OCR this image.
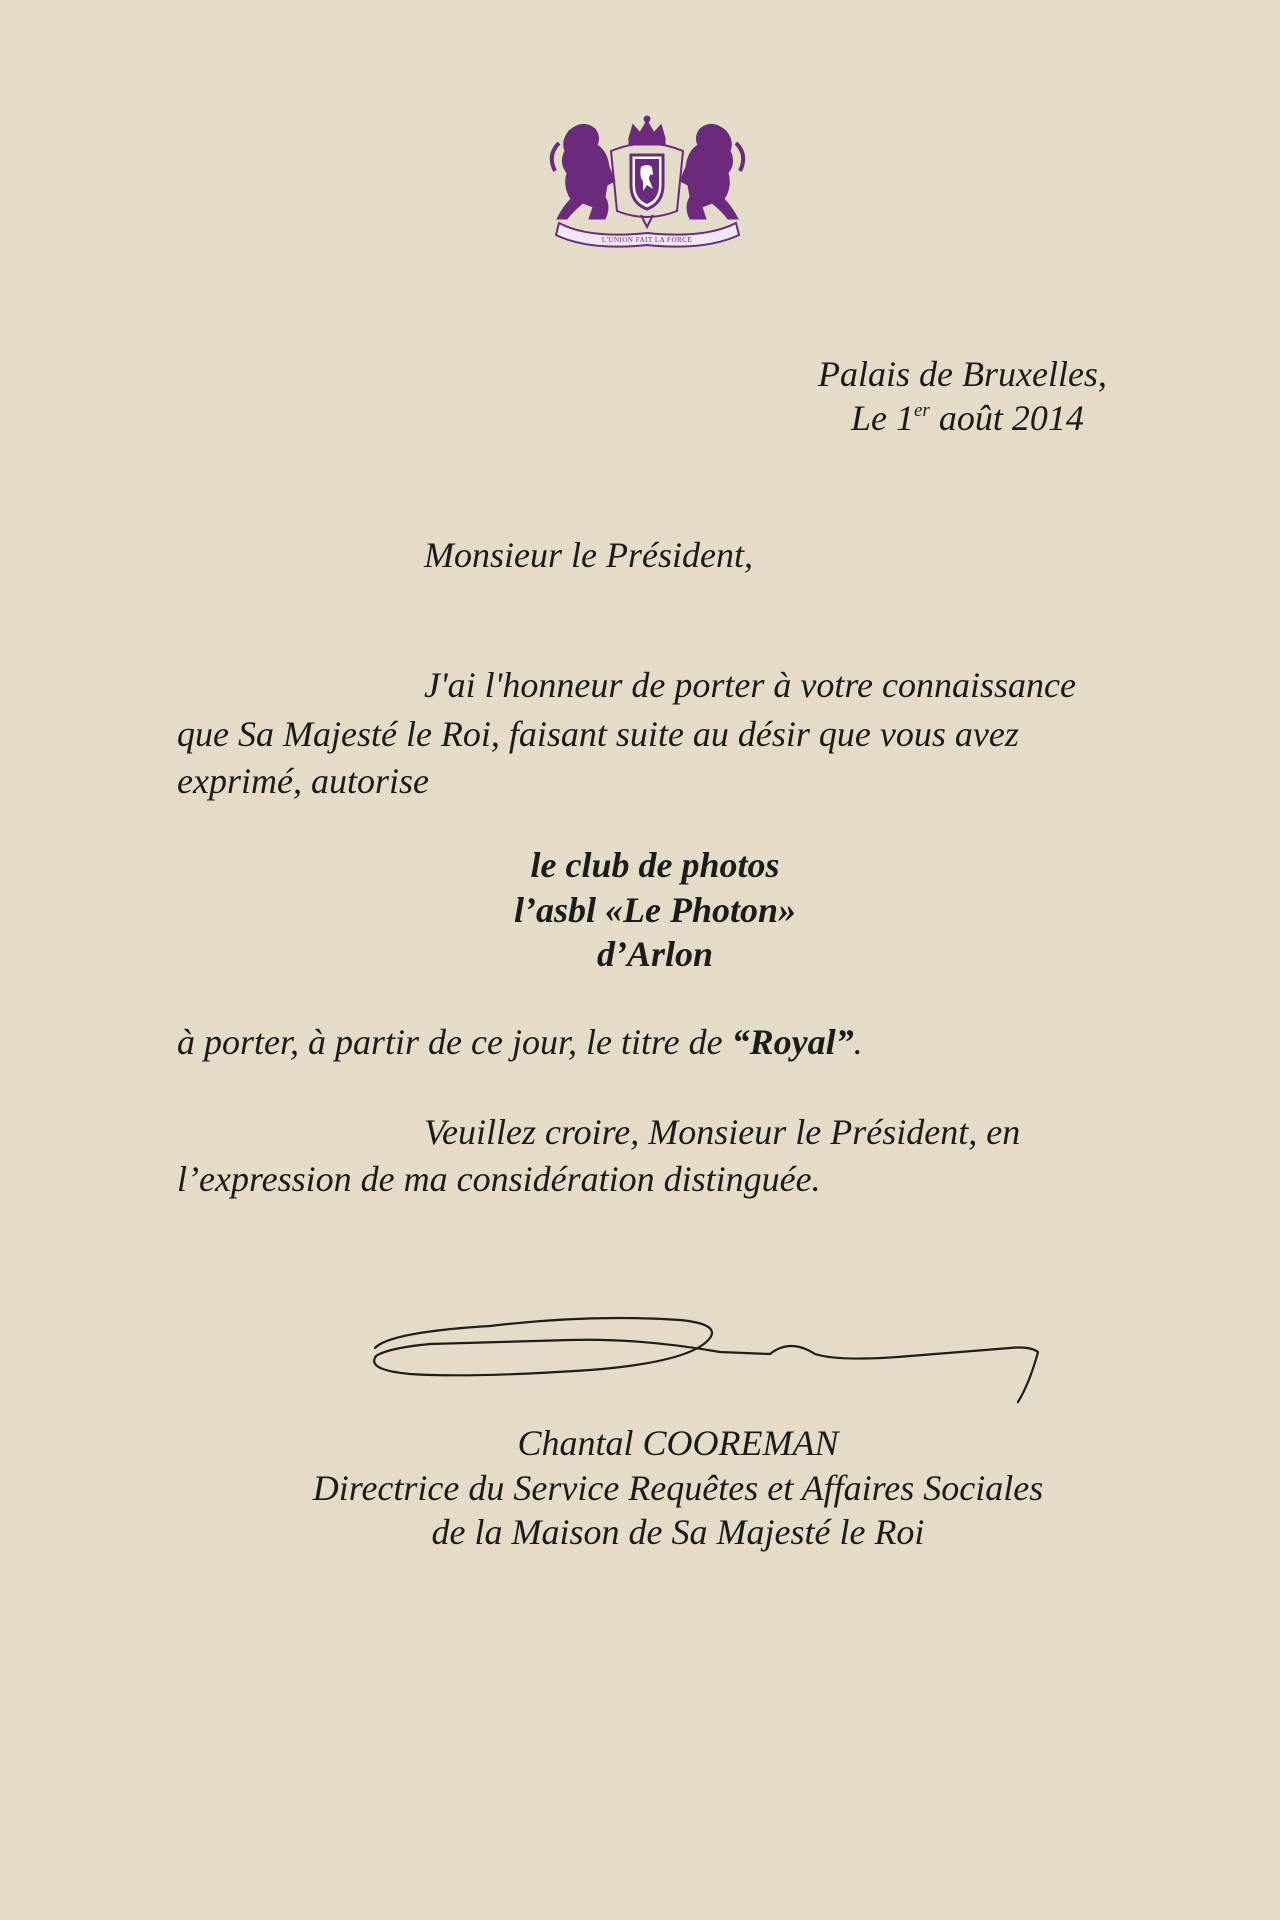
L'UNION FAIT LA FORCE

Palais de Bruxelles,

Le 1er août 2014

Monsieur le Président,

J'ai l'honneur de porter à votre connaissance

que Sa Majesté le Roi, faisant suite au désir que vous avez

exprimé, autorise

le club de photos

l’asbl «Le Photon»

d’Arlon

à porter, à partir de ce jour, le titre de “Royal”.

Veuillez croire, Monsieur le Président, en

l’expression de ma considération distinguée.

Chantal COOREMAN

Directrice du Service Requêtes et Affaires Sociales

de la Maison de Sa Majesté le Roi
